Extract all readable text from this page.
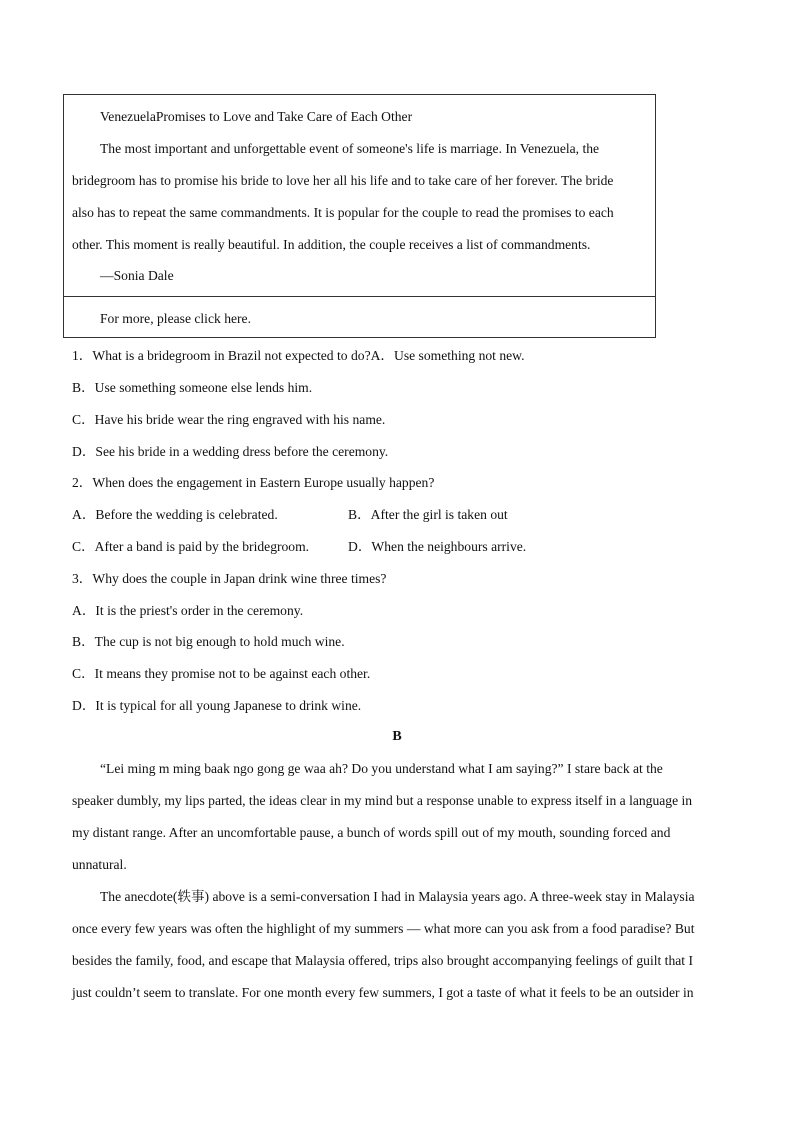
VenezuelaPromises to Love and Take Care of Each Other
The most important and unforgettable event of someone's life is marriage. In Venezuela, the
bridegroom has to promise his bride to love her all his life and to take care of her forever. The bride
also has to repeat the same commandments. It is popular for the couple to read the promises to each
other. This moment is really beautiful. In addition, the couple receives a list of commandments.
—Sonia Dale
For more, please click here.
1．What is a bridegroom in Brazil not expected to do?A．Use something not new.
B．Use something someone else lends him.
C．Have his bride wear the ring engraved with his name.
D．See his bride in a wedding dress before the ceremony.
2．When does the engagement in Eastern Europe usually happen?
A．Before the wedding is celebrated.	B．After the girl is taken out
C．After a band is paid by the bridegroom.	D．When the neighbours arrive.
3．Why does the couple in Japan drink wine three times?
A．It is the priest's order in the ceremony.
B．The cup is not big enough to hold much wine.
C．It means they promise not to be against each other.
D．It is typical for all young Japanese to drink wine.
B
“Lei ming m ming baak ngo gong ge waa ah? Do you understand what I am saying?” I stare back at the
speaker dumbly, my lips parted, the ideas clear in my mind but a response unable to express itself in a language in
my distant range. After an uncomfortable pause, a bunch of words spill out of my mouth, sounding forced and
unnatural.
The anecdote(轶事) above is a semi-conversation I had in Malaysia years ago. A three-week stay in Malaysia
once every few years was often the highlight of my summers — what more can you ask from a food paradise? But
besides the family, food, and escape that Malaysia offered, trips also brought accompanying feelings of guilt that I
just couldn’t seem to translate. For one month every few summers, I got a taste of what it feels to be an outsider in
